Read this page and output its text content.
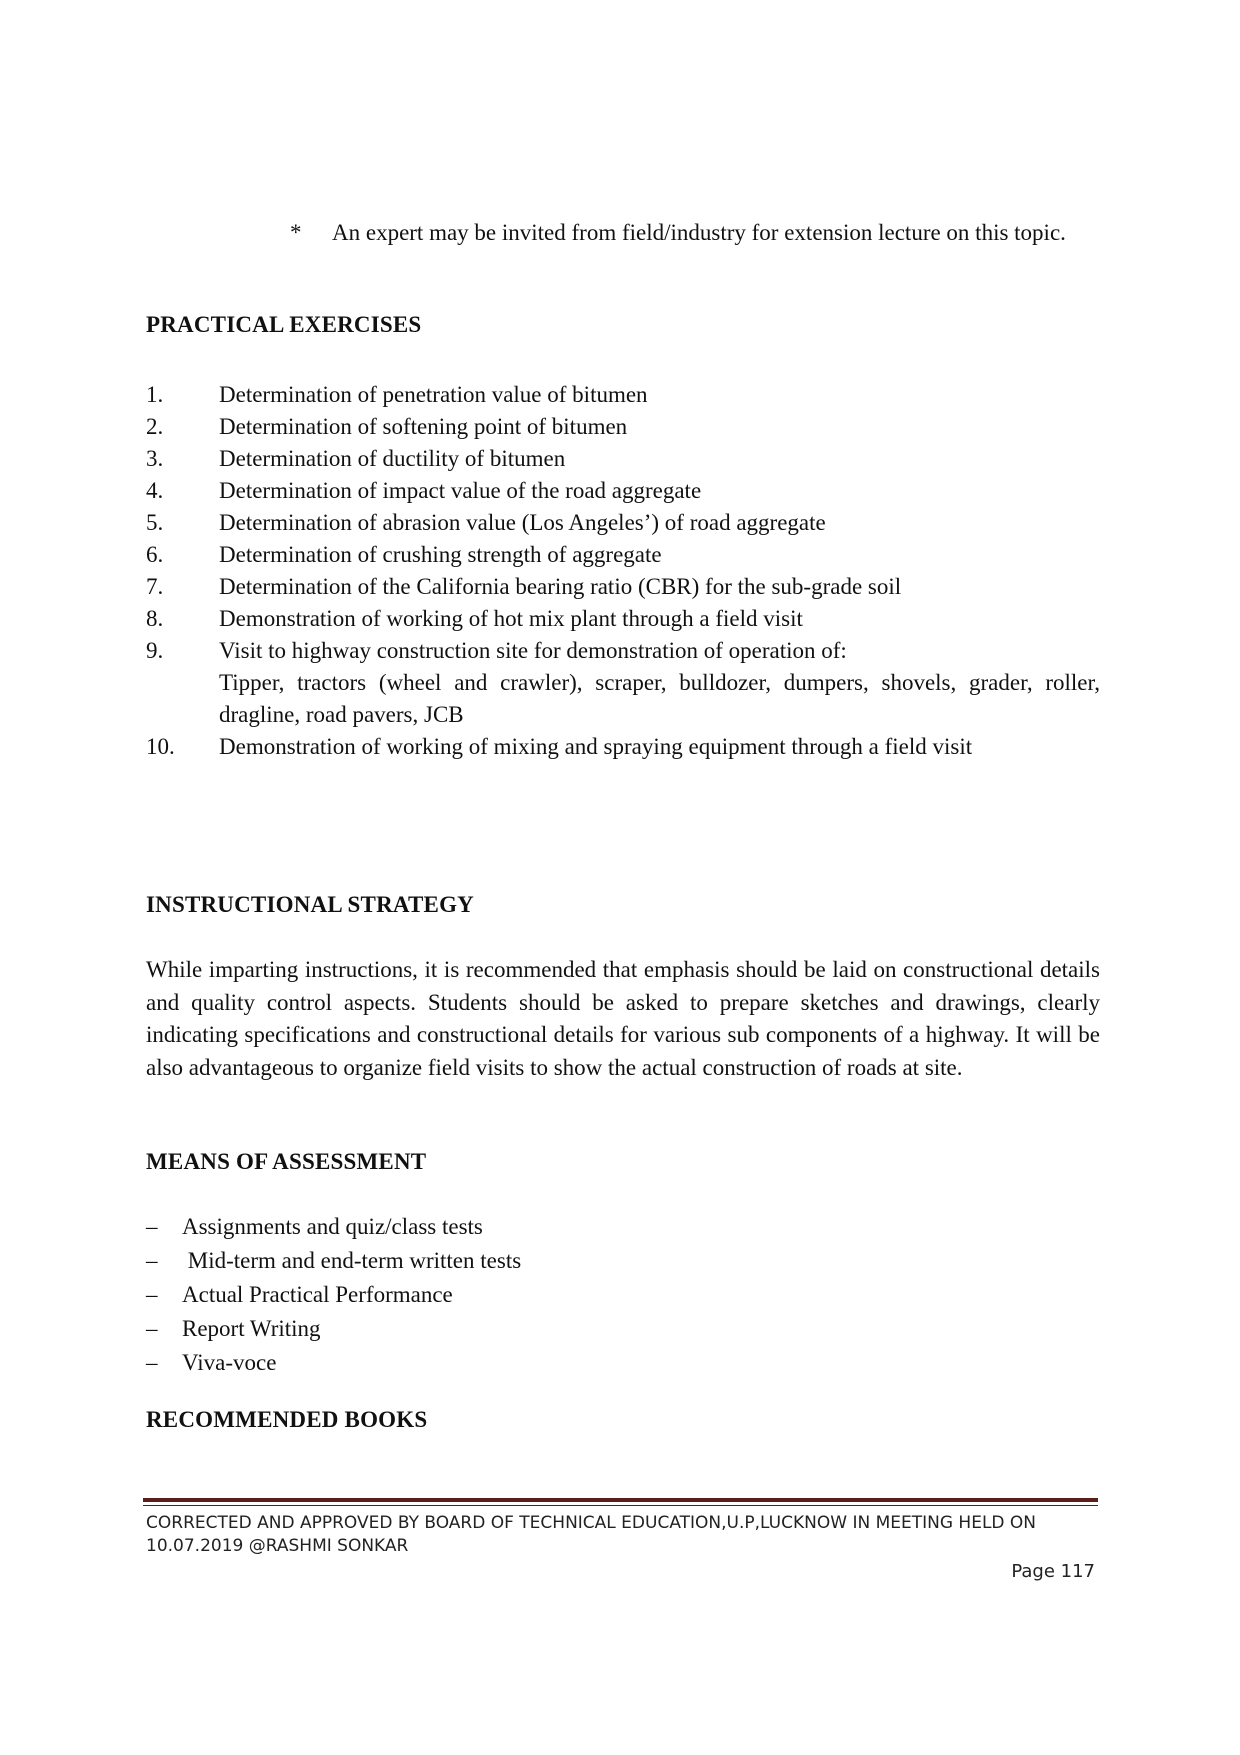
* An expert may be invited from field/industry for extension lecture on this topic.
PRACTICAL EXERCISES
1. Determination of penetration value of bitumen
2. Determination of softening point of bitumen
3. Determination of ductility of bitumen
4. Determination of impact value of the road aggregate
5. Determination of abrasion value (Los Angeles’) of road aggregate
6. Determination of crushing strength of aggregate
7. Determination of the California bearing ratio (CBR) for the sub-grade soil
8. Demonstration of working of hot mix plant through a field visit
9. Visit to highway construction site for demonstration of operation of:
Tipper, tractors (wheel and crawler), scraper, bulldozer, dumpers, shovels, grader, roller, dragline, road pavers, JCB
10. Demonstration of working of mixing and spraying equipment through a field visit
INSTRUCTIONAL STRATEGY

While imparting instructions, it is recommended that emphasis should be laid on constructional details and quality control aspects. Students should be asked to prepare sketches and drawings, clearly indicating specifications and constructional details for various sub components of a highway. It will be also advantageous to organize field visits to show the actual construction of roads at site.

MEANS OF ASSESSMENT
– Assignments and quiz/class tests
– Mid-term and end-term written tests
– Actual Practical Performance
– Report Writing
– Viva-voce
RECOMMENDED BOOKS
CORRECTED AND APPROVED BY BOARD OF TECHNICAL EDUCATION,U.P,LUCKNOW IN MEETING HELD ON
10.07.2019 @RASHMI SONKAR
Page 117
